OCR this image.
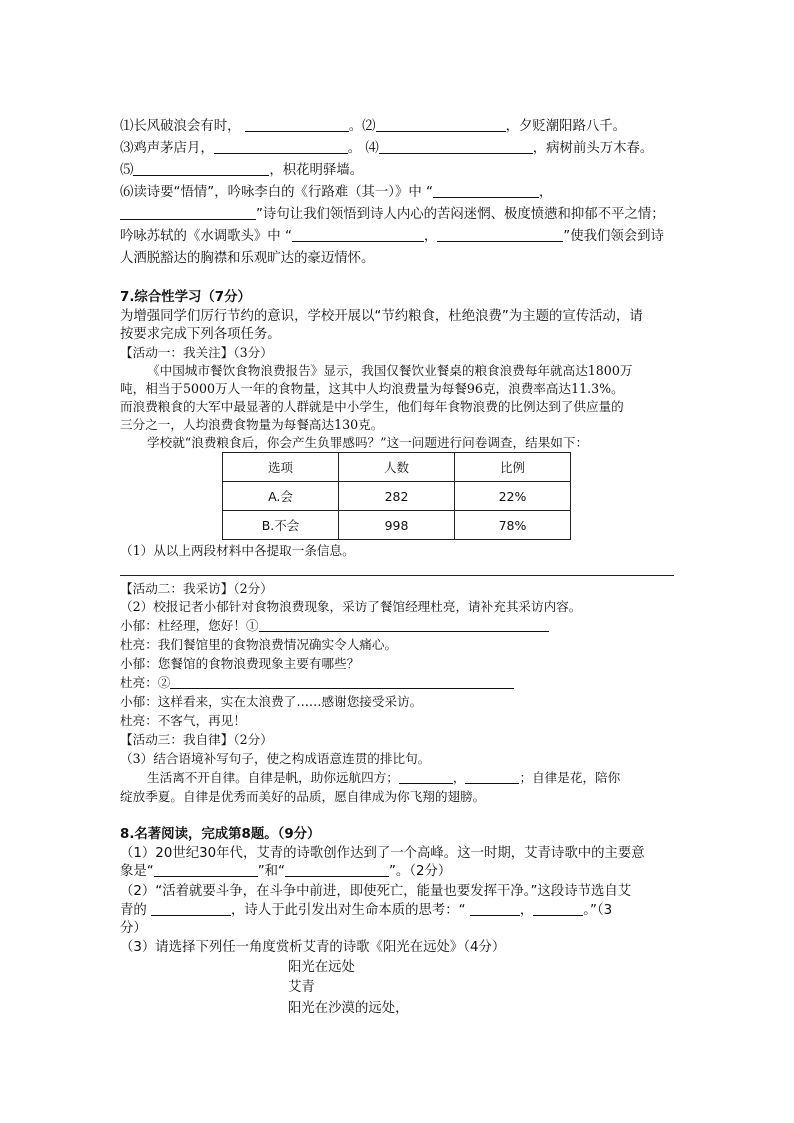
⑴长风破浪会有时，	。⑵	，夕贬潮阳路八千。
⑶鸡声茅店月，	。 ⑷	，病树前头万木春。
⑸	，枳花明驿墙。
⑹读诗要“悟情”，吟咏李白的《行路难（其一）》中 “	，
”诗句让我们领悟到诗人内心的苦闷迷惘、极度愤懑和抑郁不平之情；
吟咏苏轼的《水调歌头》中 “	，	”使我们领会到诗
人洒脱豁达的胸襟和乐观旷达的豪迈情怀。
7.综合性学习（7分）
为增强同学们厉行节约的意识，学校开展以“节约粮食，杜绝浪费”为主题的宣传活动，请
按要求完成下列各项任务。
【活动一：我关注】（3分）
《中国城市餐饮食物浪费报告》显示，我国仅餐饮业餐桌的粮食浪费每年就高达1800万
吨，相当于5000万人一年的食物量，这其中人均浪费量为每餐96克，浪费率高达11.3%。
而浪费粮食的大军中最显著的人群就是中小学生，他们每年食物浪费的比例达到了供应量的
三分之一，人均浪费食物量为每餐高达130克。
学校就“浪费粮食后，你会产生负罪感吗？”这一问题进行问卷调查，结果如下：
选项	人数	比例
A.会	282	22%
B.不会	998	78%
（1）从以上两段材料中各提取一条信息。
【活动二：我采访】（2分）
（2）校报记者小郁针对食物浪费现象，采访了餐馆经理杜亮，请补充其采访内容。
小郁：杜经理，您好！①
杜亮：我们餐馆里的食物浪费情况确实令人痛心。
小郁：您餐馆的食物浪费现象主要有哪些？
杜亮：②
小郁：这样看来，实在太浪费了……感谢您接受采访。
杜亮：不客气，再见！
【活动三：我自律】（2分）
（3）结合语境补写句子，使之构成语意连贯的排比句。
生活离不开自律。自律是帆，助你远航四方；	，	；自律是花，陪你
绽放季夏。自律是优秀而美好的品质，愿自律成为你飞翔的翅膀。
8.名著阅读，完成第8题。（9分）
（1）20世纪30年代，艾青的诗歌创作达到了一个高峰。这一时期，艾青诗歌中的主要意
象是“	”和“	”。（2分）
（2）“活着就要斗争，在斗争中前进，即使死亡，能量也要发挥干净。”这段诗节选自艾
青的	，诗人于此引发出对生命本质的思考：“	，	。”（3
分）
（3）请选择下列任一角度赏析艾青的诗歌《阳光在远处》（4分）
阳光在远处
艾青
阳光在沙漠的远处，
